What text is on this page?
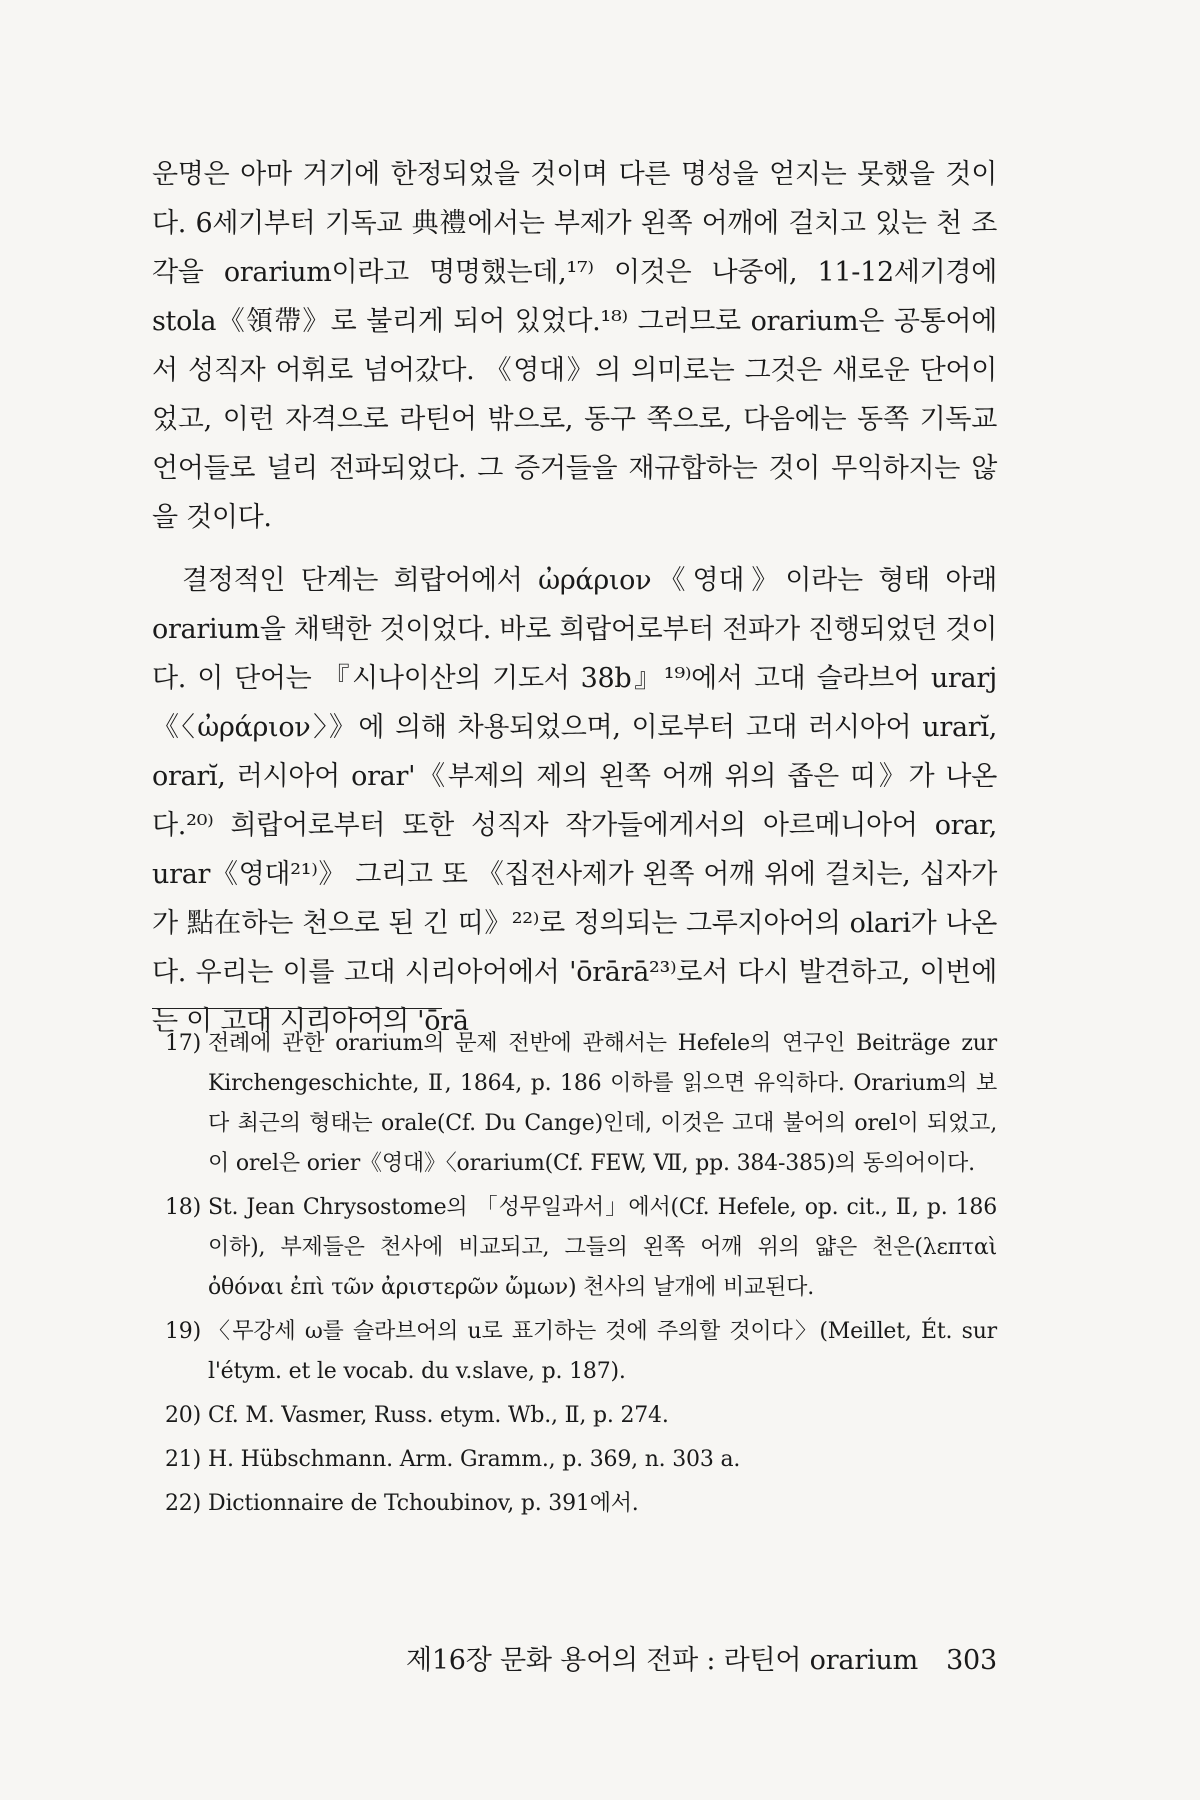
운명은 아마 거기에 한정되었을 것이며 다른 명성을 얻지는 못했을 것이다. 6세기부터 기독교 典禮에서는 부제가 왼쪽 어깨에 걸치고 있는 천 조각을 orarium이라고 명명했는데,¹⁷⁾ 이것은 나중에, 11-12세기경에 stola《領帶》로 불리게 되어 있었다.¹⁸⁾ 그러므로 orarium은 공통어에서 성직자 어휘로 넘어갔다. 《영대》의 의미로는 그것은 새로운 단어이었고, 이런 자격으로 라틴어 밖으로, 동구 쪽으로, 다음에는 동쪽 기독교 언어들로 널리 전파되었다. 그 증거들을 재규합하는 것이 무익하지는 않을 것이다.

결정적인 단계는 희랍어에서 ὠράριον《영대》이라는 형태 아래 orarium을 채택한 것이었다. 바로 희랍어로부터 전파가 진행되었던 것이다. 이 단어는 『시나이산의 기도서 38b』¹⁹⁾에서 고대 슬라브어 urarj《〈ὠράριον〉》에 의해 차용되었으며, 이로부터 고대 러시아어 urarĭ, orarĭ, 러시아어 orar'《부제의 제의 왼쪽 어깨 위의 좁은 띠》가 나온다.²⁰⁾ 희랍어로부터 또한 성직자 작가들에게서의 아르메니아어 orar, urar《영대²¹⁾》 그리고 또 《집전사제가 왼쪽 어깨 위에 걸치는, 십자가가 點在하는 천으로 된 긴 띠》²²⁾로 정의되는 그루지아어의 olari가 나온다. 우리는 이를 고대 시리아어에서 'ōrārā²³⁾로서 다시 발견하고, 이번에는 이 고대 시리아어의 'ōrā

17) 전례에 관한 orarium의 문제 전반에 관해서는 Hefele의 연구인 Beiträge zur Kirchengeschichte, Ⅱ, 1864, p. 186 이하를 읽으면 유익하다. Orarium의 보다 최근의 형태는 orale(Cf. Du Cange)인데, 이것은 고대 불어의 orel이 되었고, 이 orel은 orier《영대》〈orarium(Cf. FEW, Ⅶ, pp. 384-385)의 동의어이다.
18) St. Jean Chrysostome의 「성무일과서」에서(Cf. Hefele, op. cit., Ⅱ, p. 186 이하), 부제들은 천사에 비교되고, 그들의 왼쪽 어깨 위의 얇은 천은(λεπταὶ ὀθόναι ἐπὶ τῶν ἀριστερῶν ὤμων) 천사의 날개에 비교된다.
19) 〈무강세 ω를 슬라브어의 u로 표기하는 것에 주의할 것이다〉(Meillet, Ét. sur l'étym. et le vocab. du v.slave, p. 187).
20) Cf. M. Vasmer, Russ. etym. Wb., Ⅱ, p. 274.
21) H. Hübschmann. Arm. Gramm., p. 369, n. 303 a.
22) Dictionnaire de Tchoubinov, p. 391에서.
제16장 문화 용어의 전파 : 라틴어 orarium 303
